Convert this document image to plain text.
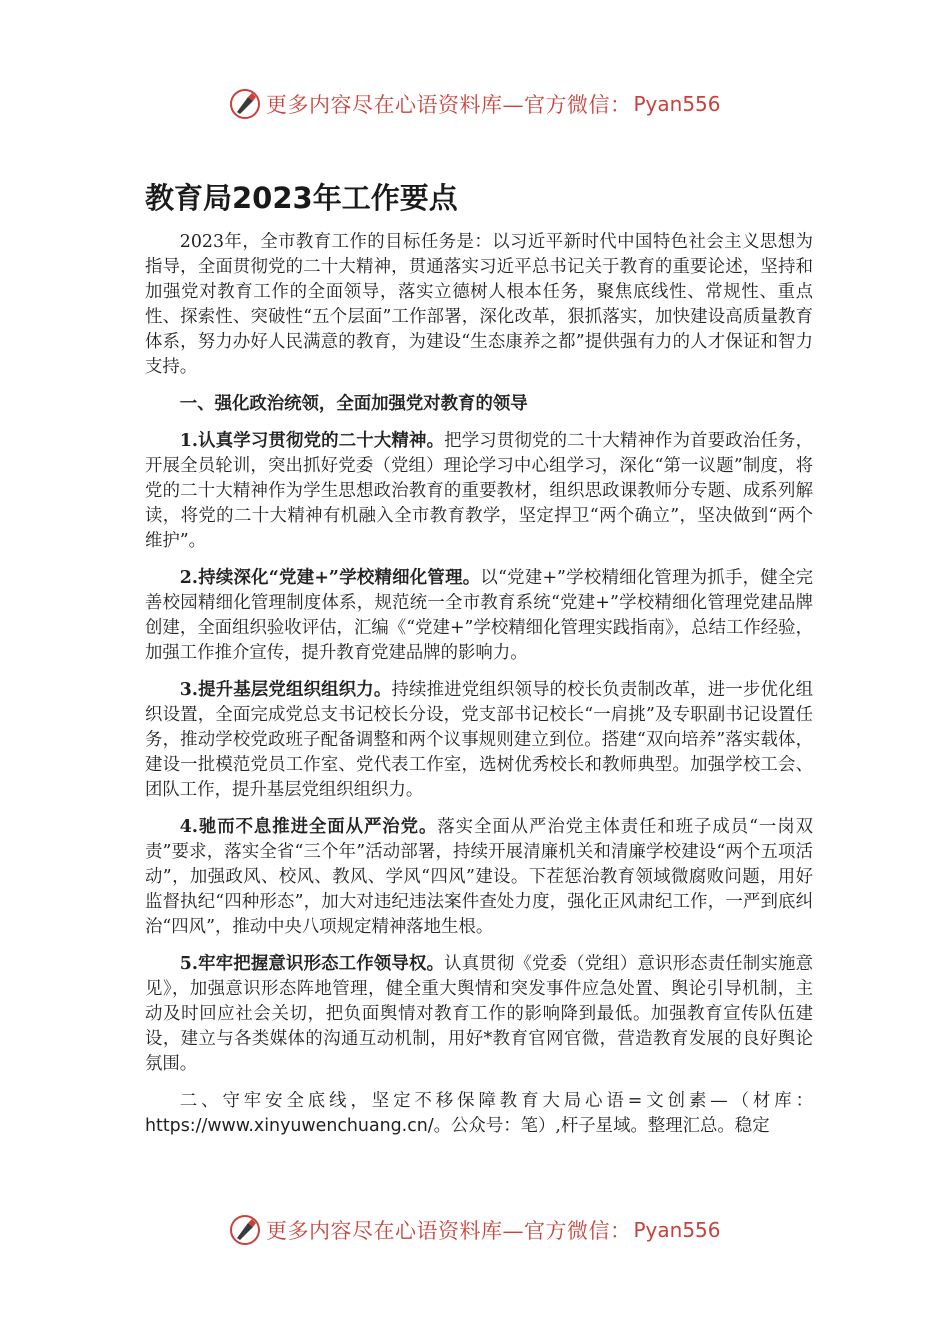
更多内容尽在心语资料库—官方微信： Pyan556
教育局2023年工作要点

2023年，全市教育工作的目标任务是：以习近平新时代中国特色社会主义思想为指导，全面贯彻党的二十大精神，贯通落实习近平总书记关于教育的重要论述，坚持和加强党对教育工作的全面领导，落实立德树人根本任务，聚焦底线性、常规性、重点性、探索性、突破性“五个层面”工作部署，深化改革，狠抓落实，加快建设高质量教育体系，努力办好人民满意的教育，为建设“生态康养之都”提供强有力的人才保证和智力支持。

一、强化政治统领，全面加强党对教育的领导

1.认真学习贯彻党的二十大精神。把学习贯彻党的二十大精神作为首要政治任务，开展全员轮训，突出抓好党委（党组）理论学习中心组学习，深化“第一议题”制度，将党的二十大精神作为学生思想政治教育的重要教材，组织思政课教师分专题、成系列解读，将党的二十大精神有机融入全市教育教学，坚定捍卫“两个确立”，坚决做到“两个维护”。

2.持续深化“党建+”学校精细化管理。以“党建+”学校精细化管理为抓手，健全完善校园精细化管理制度体系，规范统一全市教育系统“党建+”学校精细化管理党建品牌创建，全面组织验收评估，汇编《“党建+”学校精细化管理实践指南》，总结工作经验，加强工作推介宣传，提升教育党建品牌的影响力。

3.提升基层党组织组织力。持续推进党组织领导的校长负责制改革，进一步优化组织设置，全面完成党总支书记校长分设，党支部书记校长“一肩挑”及专职副书记设置任务，推动学校党政班子配备调整和两个议事规则建立到位。搭建“双向培养”落实载体，建设一批模范党员工作室、党代表工作室，选树优秀校长和教师典型。加强学校工会、团队工作，提升基层党组织组织力。

4.驰而不息推进全面从严治党。落实全面从严治党主体责任和班子成员“一岗双责”要求，落实全省“三个年”活动部署，持续开展清廉机关和清廉学校建设“两个五项活动”，加强政风、校风、教风、学风“四风”建设。下茬惩治教育领域微腐败问题，用好监督执纪“四种形态”，加大对违纪违法案件查处力度，强化正风肃纪工作，一严到底纠治“四风”，推动中央八项规定精神落地生根。

5.牢牢把握意识形态工作领导权。认真贯彻《党委（党组）意识形态责任制实施意见》，加强意识形态阵地管理，健全重大舆情和突发事件应急处置、舆论引导机制，主动及时回应社会关切，把负面舆情对教育工作的影响降到最低。加强教育宣传队伍建设，建立与各类媒体的沟通互动机制，用好*教育官网官微，营造教育发展的良好舆论氛围。

二、守牢安全底线，坚定不移保障教育大局心语=文创素—（材库：https://www.xinyuwenchuang.cn/。公众号：笔）,杆子星域。整理汇总。稳定

更多内容尽在心语资料库—官方微信： Pyan556
